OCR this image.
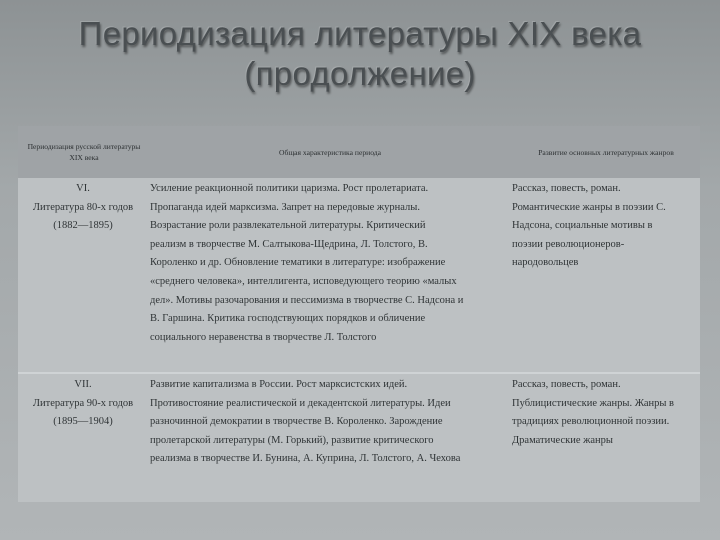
Периодизация литературы XIX века
(продолжение)
Периодизация русской литературы XIX века
Общая характеристика периода	Развитие основных литературных жанров
VI.
Литература 80-х годов
(1882—1895)
Усиление реакционной политики царизма. Рост пролетариата.
Пропаганда идей марксизма. Запрет на передовые журналы.
Возрастание роли развлекательной литературы. Критический
реализм в творчестве М. Салтыкова-Щедрина, Л. Толстого, В.
Короленко и др. Обновление тематики в литературе: изображение
«среднего человека», интеллигента, исповедующего теорию «малых
дел». Мотивы разочарования и пессимизма в творчестве С. Надсона и
В. Гаршина. Критика господствующих порядков и обличение
социального неравенства в творчестве Л. Толстого
Рассказ, повесть, роман.
Романтические жанры в поэзии С.
Надсона, социальные мотивы в
поэзии революционеров-
народовольцев
VII.
Литература 90-х годов
(1895—1904)
Развитие капитализма в России. Рост марксистских идей.
Противостояние реалистической и декадентской литературы. Идеи
разночинной демократии в творчестве В. Короленко. Зарождение
пролетарской литературы (М. Горький), развитие критического
реализма в творчестве И. Бунина, А. Куприна, Л. Толстого, А. Чехова
Рассказ, повесть, роман.
Публицистические жанры. Жанры в
традициях революционной поэзии.
Драматические жанры
